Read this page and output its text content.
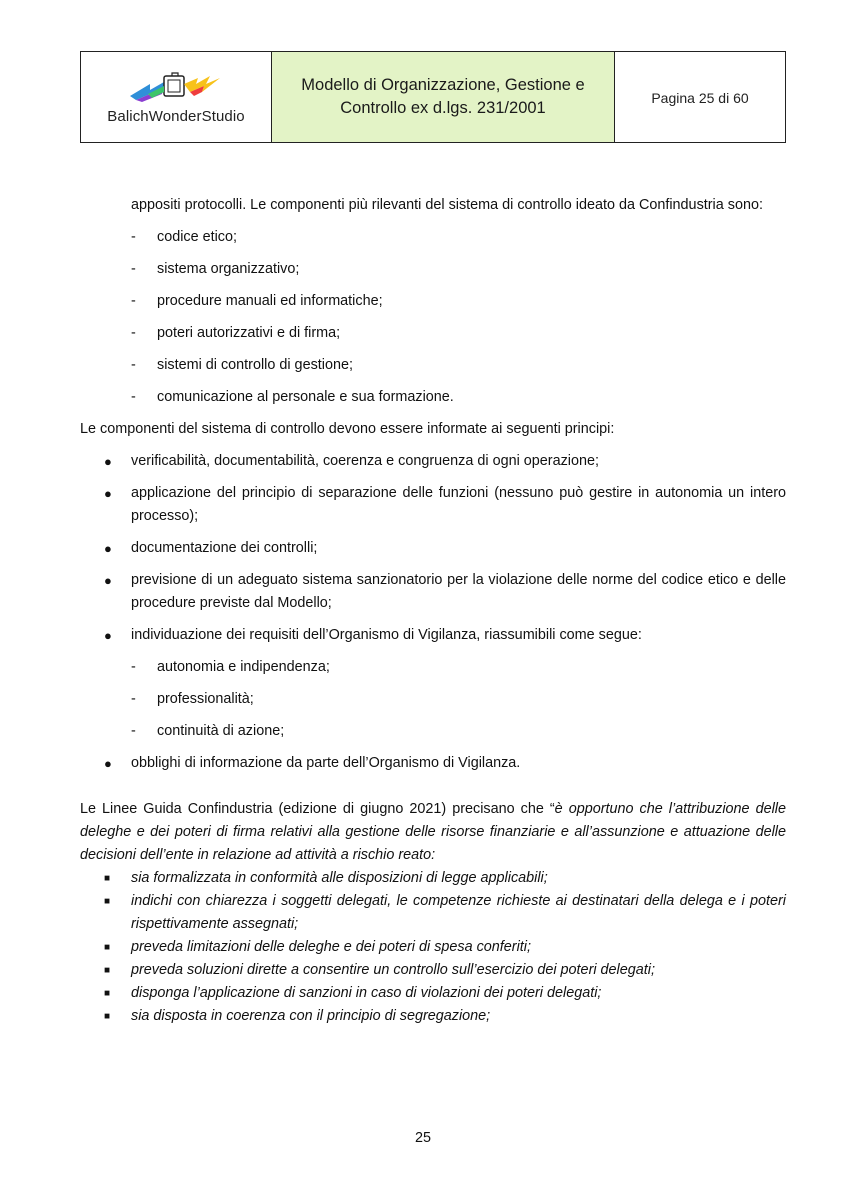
BalichWonderStudio
Modello di Organizzazione, Gestione e
Controllo ex d.lgs. 231/2001
Pagina 25 di 60

appositi protocolli. Le componenti più rilevanti del sistema di controllo ideato da Confindustria sono:

- codice etico;
- sistema organizzativo;
- procedure manuali ed informatiche;
- poteri autorizzativi e di firma;
- sistemi di controllo di gestione;
- comunicazione al personale e sua formazione.

Le componenti del sistema di controllo devono essere informate ai seguenti principi:

● verificabilità, documentabilità, coerenza e congruenza di ogni operazione;
● applicazione del principio di separazione delle funzioni (nessuno può gestire in autonomia un intero processo);
● documentazione dei controlli;
● previsione di un adeguato sistema sanzionatorio per la violazione delle norme del codice etico e delle procedure previste dal Modello;
● individuazione dei requisiti dell’Organismo di Vigilanza, riassumibili come segue:
- autonomia e indipendenza;
- professionalità;
- continuità di azione;
● obblighi di informazione da parte dell’Organismo di Vigilanza.

Le Linee Guida Confindustria (edizione di giugno 2021) precisano che “è opportuno che l’attribuzione delle deleghe e dei poteri di firma relativi alla gestione delle risorse finanziarie e all’assunzione e attuazione delle decisioni dell’ente in relazione ad attività a rischio reato:

■ sia formalizzata in conformità alle disposizioni di legge applicabili;
■ indichi con chiarezza i soggetti delegati, le competenze richieste ai destinatari della delega e i poteri rispettivamente assegnati;
■ preveda limitazioni delle deleghe e dei poteri di spesa conferiti;
■ preveda soluzioni dirette a consentire un controllo sull’esercizio dei poteri delegati;
■ disponga l’applicazione di sanzioni in caso di violazioni dei poteri delegati;
■ sia disposta in coerenza con il principio di segregazione;
25
